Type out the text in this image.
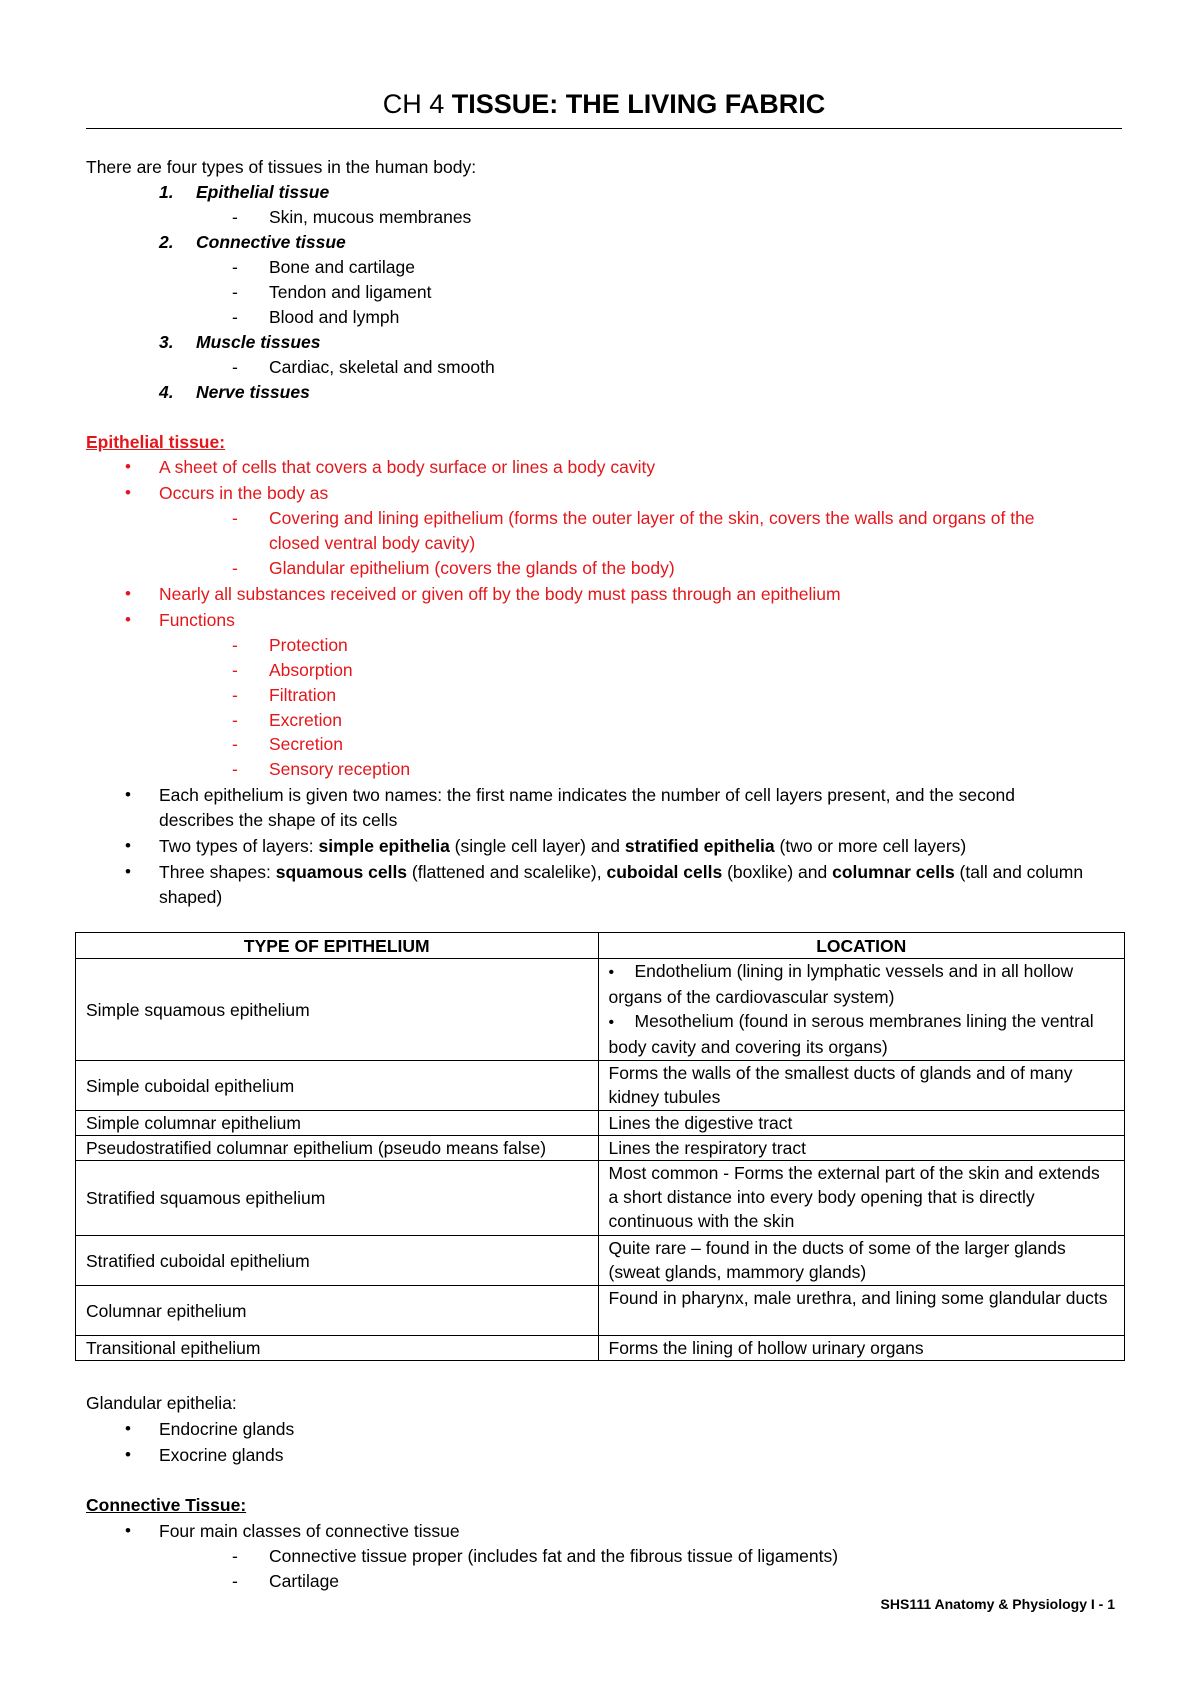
CH 4 TISSUE: THE LIVING FABRIC
There are four types of tissues in the human body:
1. Epithelial tissue
- Skin, mucous membranes
2. Connective tissue
- Bone and cartilage
- Tendon and ligament
- Blood and lymph
3. Muscle tissues
- Cardiac, skeletal and smooth
4. Nerve tissues
Epithelial tissue:
• A sheet of cells that covers a body surface or lines a body cavity
• Occurs in the body as
- Covering and lining epithelium (forms the outer layer of the skin, covers the walls and organs of the
closed ventral body cavity)
- Glandular epithelium (covers the glands of the body)
• Nearly all substances received or given off by the body must pass through an epithelium
• Functions
- Protection
- Absorption
- Filtration
- Excretion
- Secretion
- Sensory reception
• Each epithelium is given two names: the first name indicates the number of cell layers present, and the second
describes the shape of its cells
• Two types of layers: simple epithelia (single cell layer) and stratified epithelia (two or more cell layers)
• Three shapes: squamous cells (flattened and scalelike), cuboidal cells (boxlike) and columnar cells (tall and column
shaped)
TYPE OF EPITHELIUM	LOCATION
Simple squamous epithelium	• Endothelium (lining in lymphatic vessels and in all hollow organs of the cardiovascular system)
• Mesothelium (found in serous membranes lining the ventral body cavity and covering its organs)

Simple cuboidal epithelium	Forms the walls of the smallest ducts of glands and of many kidney tubules
Simple columnar epithelium	Lines the digestive tract
Pseudostratified columnar epithelium (pseudo means false)	Lines the respiratory tract
Stratified squamous epithelium	Most common - Forms the external part of the skin and extends a short distance into every body opening that is directly continuous with the skin
Stratified cuboidal epithelium	Quite rare – found in the ducts of some of the larger glands (sweat glands, mammory glands)
Columnar epithelium	Found in pharynx, male urethra, and lining some glandular ducts
Transitional epithelium	Forms the lining of hollow urinary organs
Glandular epithelia:
• Endocrine glands
• Exocrine glands
Connective Tissue:
• Four main classes of connective tissue
- Connective tissue proper (includes fat and the fibrous tissue of ligaments)
- Cartilage
SHS111 Anatomy & Physiology I - 1
